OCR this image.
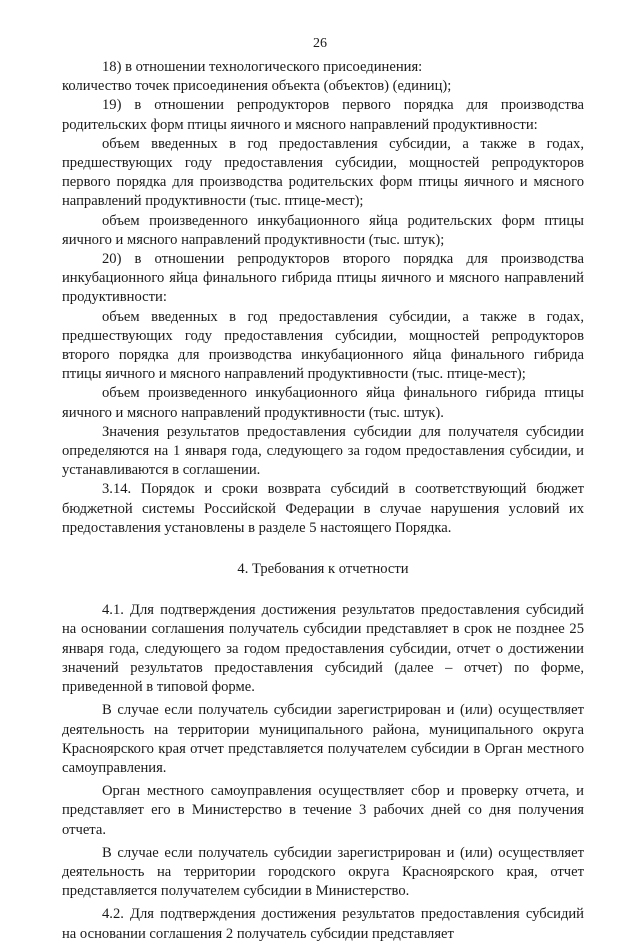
26

18) в отношении технологического присоединения:

количество точек присоединения объекта (объектов) (единиц);

19) в отношении репродукторов первого порядка для производства родительских форм птицы яичного и мясного направлений продуктивности:

объем введенных в год предоставления субсидии, а также в годах, предшествующих году предоставления субсидии, мощностей репродукторов первого порядка для производства родительских форм птицы яичного и мясного направлений продуктивности (тыс. птице-мест);

объем произведенного инкубационного яйца родительских форм птицы яичного и мясного направлений продуктивности (тыс. штук);

20) в отношении репродукторов второго порядка для производства инкубационного яйца финального гибрида птицы яичного и мясного направлений продуктивности:

объем введенных в год предоставления субсидии, а также в годах, предшествующих году предоставления субсидии, мощностей репродукторов второго порядка для производства инкубационного яйца финального гибрида птицы яичного и мясного направлений продуктивности (тыс. птице-мест);

объем произведенного инкубационного яйца финального гибрида птицы яичного и мясного направлений продуктивности (тыс. штук).

Значения результатов предоставления субсидии для получателя субсидии определяются на 1 января года, следующего за годом предоставления субсидии, и устанавливаются в соглашении.

3.14. Порядок и сроки возврата субсидий в соответствующий бюджет бюджетной системы Российской Федерации в случае нарушения условий их предоставления установлены в разделе 5 настоящего Порядка.

4. Требования к отчетности

4.1. Для подтверждения достижения результатов предоставления субсидий на основании соглашения получатель субсидии представляет в срок не позднее 25 января года, следующего за годом предоставления субсидии, отчет о достижении значений результатов предоставления субсидий (далее – отчет) по форме, приведенной в типовой форме.

В случае если получатель субсидии зарегистрирован и (или) осуществляет деятельность на территории муниципального района, муниципального округа Красноярского края отчет представляется получателем субсидии в Орган местного самоуправления.

Орган местного самоуправления осуществляет сбор и проверку отчета, и представляет его в Министерство в течение 3 рабочих дней со дня получения отчета.

В случае если получатель субсидии зарегистрирован и (или) осуществляет деятельность на территории городского округа Красноярского края, отчет представляется получателем субсидии в Министерство.

4.2. Для подтверждения достижения результатов предоставления субсидий на основании соглашения 2 получатель субсидии представляет
